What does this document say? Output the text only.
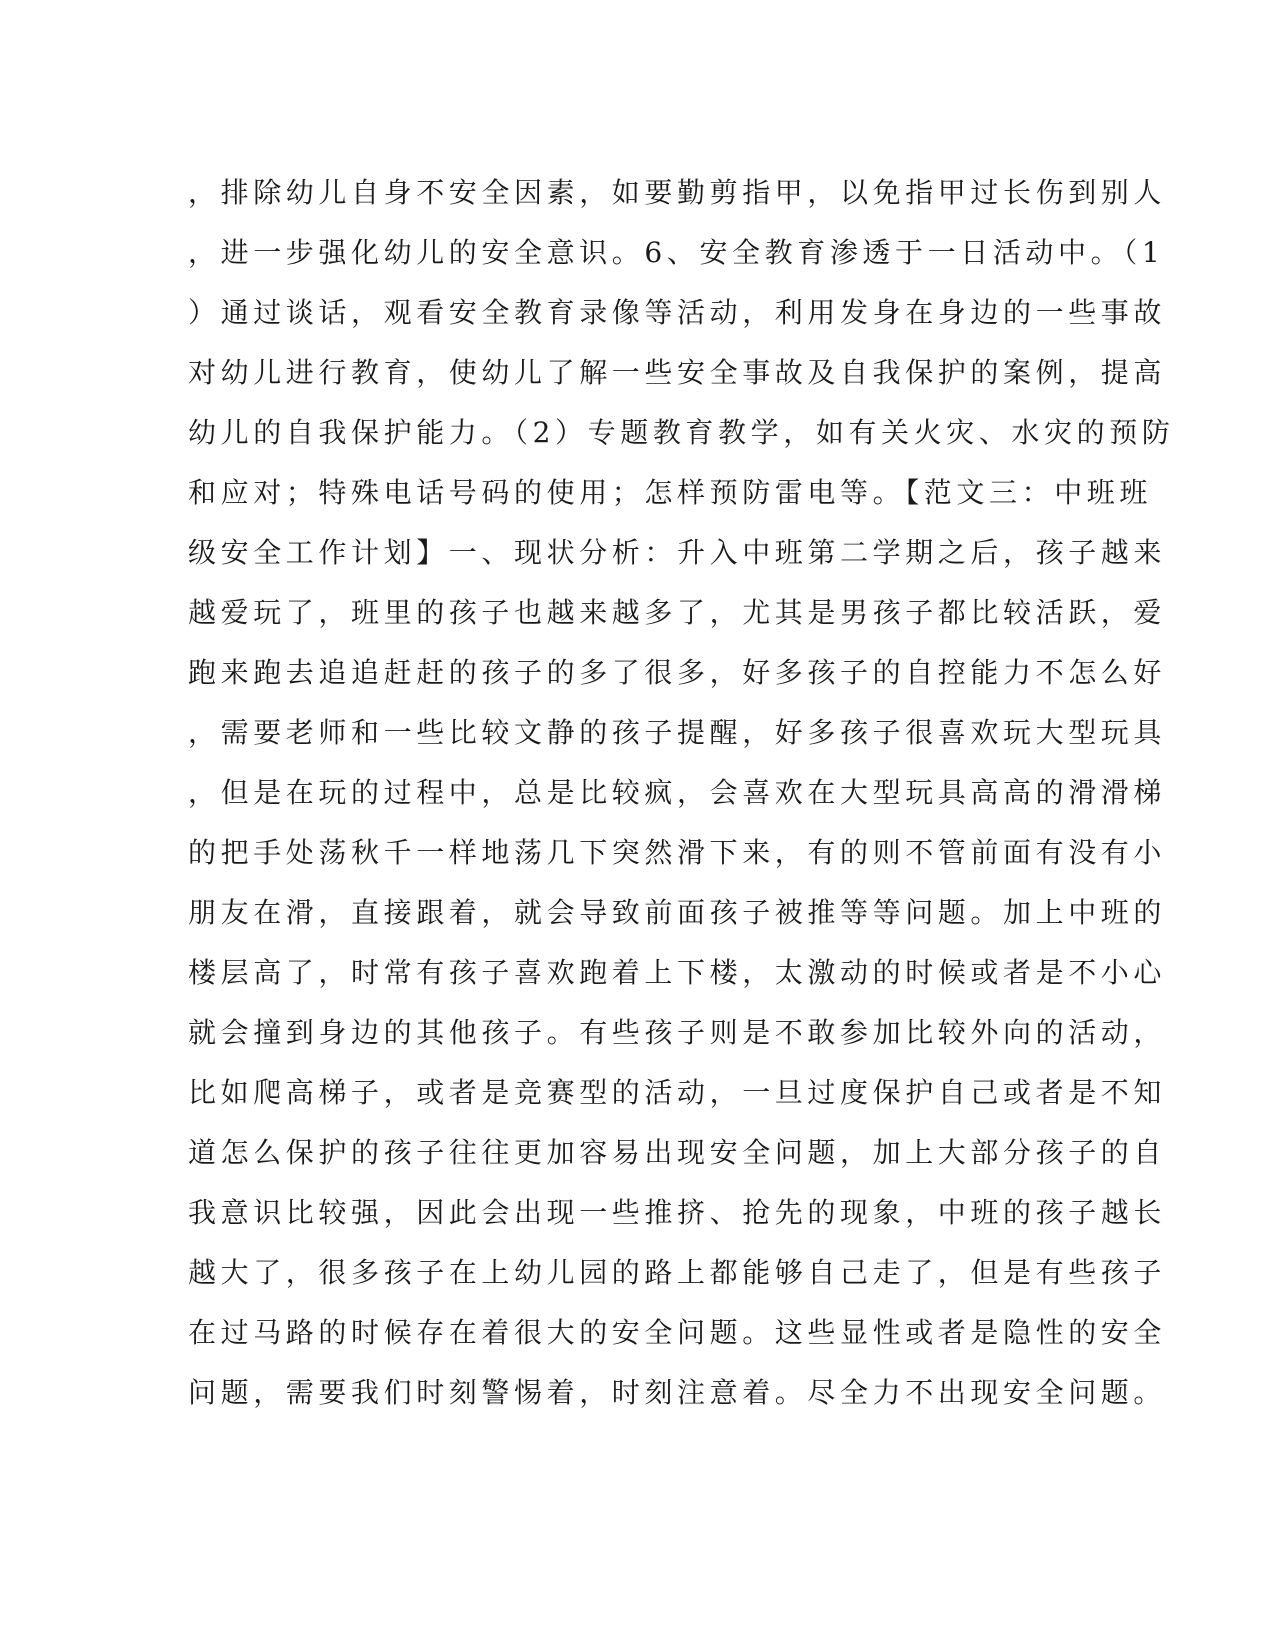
，排除幼儿自身不安全因素，如要勤剪指甲，以免指甲过长伤到别人
，进一步强化幼儿的安全意识。6、安全教育渗透于一日活动中。（1
）通过谈话，观看安全教育录像等活动，利用发身在身边的一些事故
对幼儿进行教育，使幼儿了解一些安全事故及自我保护的案例，提高
幼儿的自我保护能力。（2）专题教育教学，如有关火灾、水灾的预防
和应对；特殊电话号码的使用；怎样预防雷电等。【范文三：中班班
级安全工作计划】一、现状分析：升入中班第二学期之后，孩子越来
越爱玩了，班里的孩子也越来越多了，尤其是男孩子都比较活跃，爱
跑来跑去追追赶赶的孩子的多了很多，好多孩子的自控能力不怎么好
，需要老师和一些比较文静的孩子提醒，好多孩子很喜欢玩大型玩具
，但是在玩的过程中，总是比较疯，会喜欢在大型玩具高高的滑滑梯
的把手处荡秋千一样地荡几下突然滑下来，有的则不管前面有没有小
朋友在滑，直接跟着，就会导致前面孩子被推等等问题。加上中班的
楼层高了，时常有孩子喜欢跑着上下楼，太激动的时候或者是不小心
就会撞到身边的其他孩子。有些孩子则是不敢参加比较外向的活动，
比如爬高梯子，或者是竞赛型的活动，一旦过度保护自己或者是不知
道怎么保护的孩子往往更加容易出现安全问题，加上大部分孩子的自
我意识比较强，因此会出现一些推挤、抢先的现象，中班的孩子越长
越大了，很多孩子在上幼儿园的路上都能够自己走了，但是有些孩子
在过马路的时候存在着很大的安全问题。这些显性或者是隐性的安全
问题，需要我们时刻警惕着，时刻注意着。尽全力不出现安全问题。
